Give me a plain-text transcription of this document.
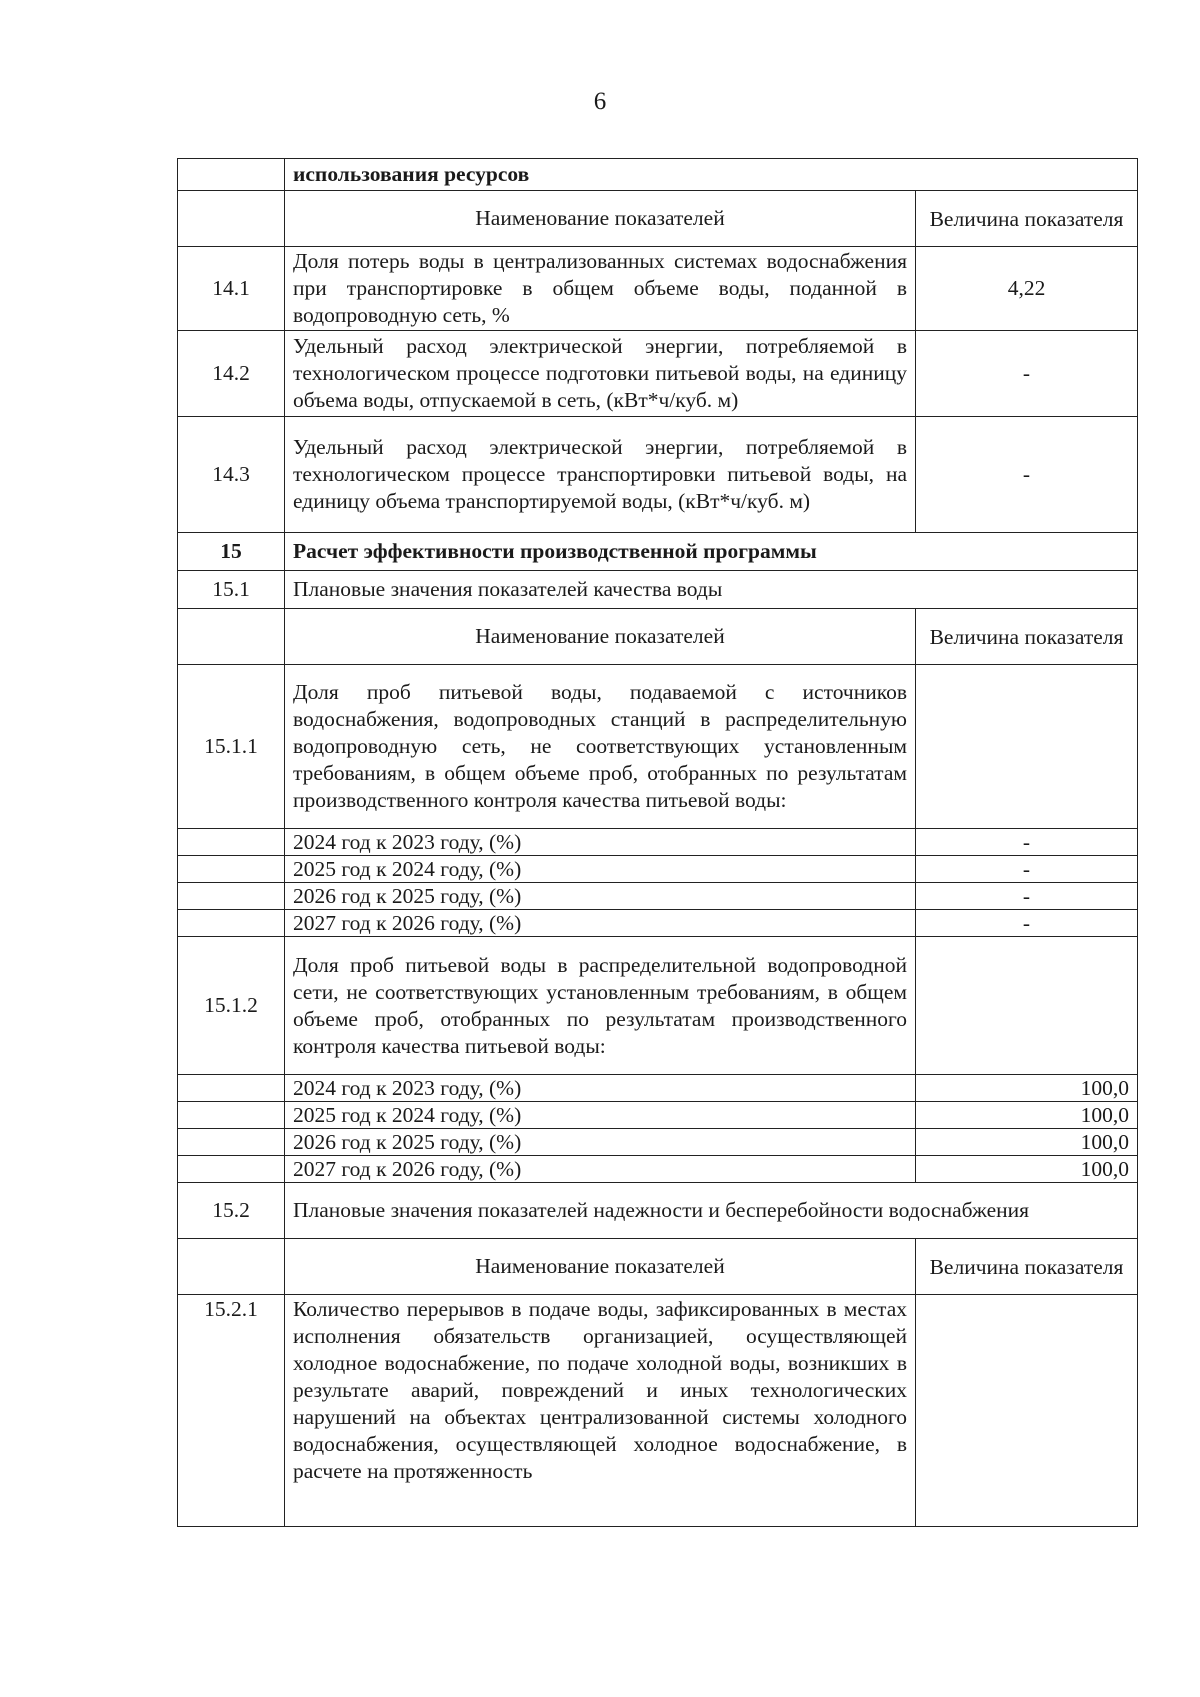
6
	использования ресурсов	
	Наименование показателей	Величина показателя
14.1	Доля потерь воды в централизованных системах водоснабжения при транспортировке в общем объеме воды, поданной в водопроводную сеть, %	4,22
14.2	Удельный расход электрической энергии, потребляемой в технологическом процессе подготовки питьевой воды, на единицу объема воды, отпускаемой в сеть, (кВт*ч/куб. м)	-
14.3	Удельный расход электрической энергии, потребляемой в технологическом процессе транспортировки питьевой воды, на единицу объема транспортируемой воды, (кВт*ч/куб. м)	-
15	Расчет эффективности производственной программы	
15.1	Плановые значения показателей качества воды	
	Наименование показателей	Величина показателя
15.1.1	Доля проб питьевой воды, подаваемой с источников водоснабжения, водопроводных станций в распределительную водопроводную сеть, не соответствующих установленным требованиям, в общем объеме проб, отобранных по результатам производственного контроля качества питьевой воды:	
	2024 год к 2023 году, (%)	-
	2025 год к 2024 году, (%)	-
	2026 год к 2025 году, (%)	-
	2027 год к 2026 году, (%)	-
15.1.2	Доля проб питьевой воды в распределительной водопроводной сети, не соответствующих установленным требованиям, в общем объеме проб, отобранных по результатам производственного контроля качества питьевой воды:	
	2024 год к 2023 году, (%)	100,0
	2025 год к 2024 году, (%)	100,0
	2026 год к 2025 году, (%)	100,0
	2027 год к 2026 году, (%)	100,0
15.2	Плановые значения показателей надежности и бесперебойности водоснабжения	
	Наименование показателей	Величина показателя
15.2.1	Количество перерывов в подаче воды, зафиксированных в местах исполнения обязательств организацией, осуществляющей холодное водоснабжение, по подаче холодной воды, возникших в результате аварий, повреждений и иных технологических нарушений на объектах централизованной системы холодного водоснабжения, осуществляющей холодное водоснабжение, в расчете на протяженность	
